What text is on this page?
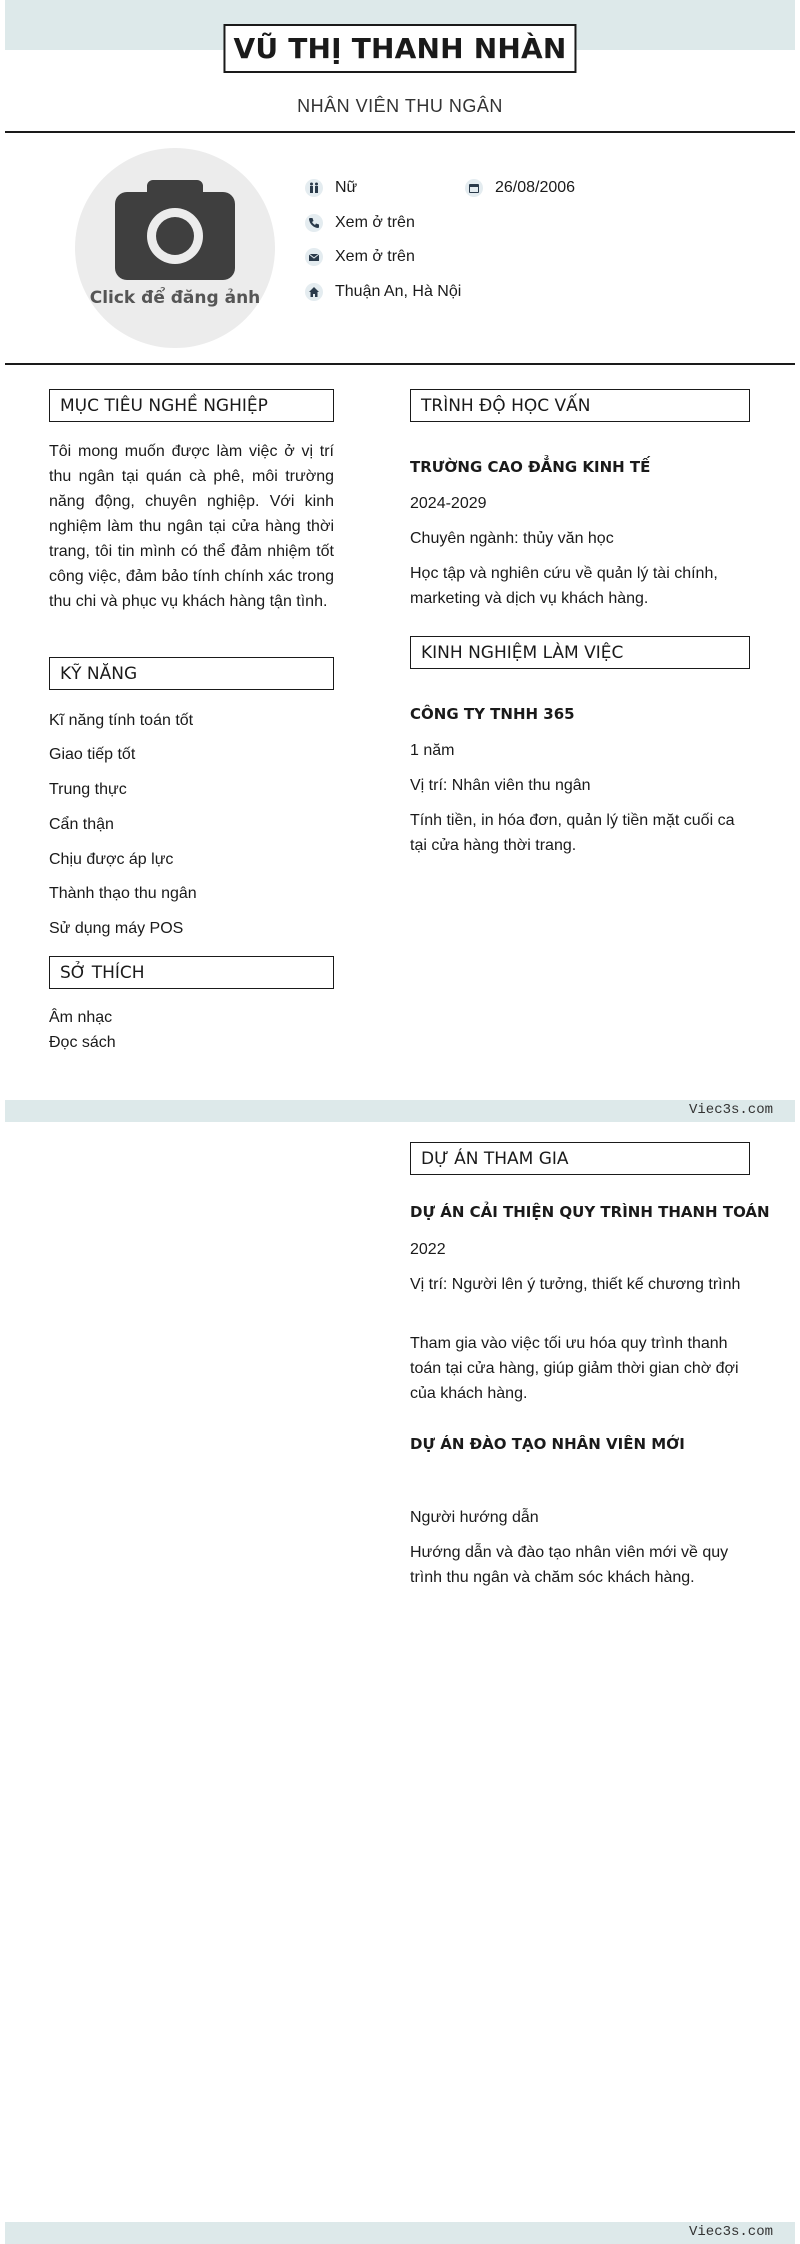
Viec3s.com
Viec3s.com
VŨ THỊ THANH NHÀN
NHÂN VIÊN THU NGÂN
Click để đăng ảnh
Nữ	26/08/2006
Xem ở trên
Xem ở trên
Thuận An, Hà Nội
MỤC TIÊU NGHỀ NGHIỆP
Tôi mong muốn được làm việc ở vị trí thu ngân tại quán cà phê, môi trường năng động, chuyên nghiệp. Với kinh nghiệm làm thu ngân tại cửa hàng thời trang, tôi tin mình có thể đảm nhiệm tốt công việc, đảm bảo tính chính xác trong thu chi và phục vụ khách hàng tận tình.
KỸ NĂNG
Kĩ năng tính toán tốt
Giao tiếp tốt
Trung thực
Cẩn thận
Chịu được áp lực
Thành thạo thu ngân
Sử dụng máy POS
SỞ THÍCH
Âm nhạc
Đọc sách
TRÌNH ĐỘ HỌC VẤN
TRƯỜNG CAO ĐẲNG KINH TẾ
2024-2029
Chuyên ngành: thủy văn học
Học tập và nghiên cứu về quản lý tài chính, marketing và dịch vụ khách hàng.
KINH NGHIỆM LÀM VIỆC
CÔNG TY TNHH 365
1 năm
Vị trí: Nhân viên thu ngân
Tính tiền, in hóa đơn, quản lý tiền mặt cuối ca tại cửa hàng thời trang.
DỰ ÁN THAM GIA
DỰ ÁN CẢI THIỆN QUY TRÌNH THANH TOÁN
2022
Vị trí: Người lên ý tưởng, thiết kế chương trình
Tham gia vào việc tối ưu hóa quy trình thanh toán tại cửa hàng, giúp giảm thời gian chờ đợi của khách hàng.
DỰ ÁN ĐÀO TẠO NHÂN VIÊN MỚI
Người hướng dẫn
Hướng dẫn và đào tạo nhân viên mới về quy trình thu ngân và chăm sóc khách hàng.
